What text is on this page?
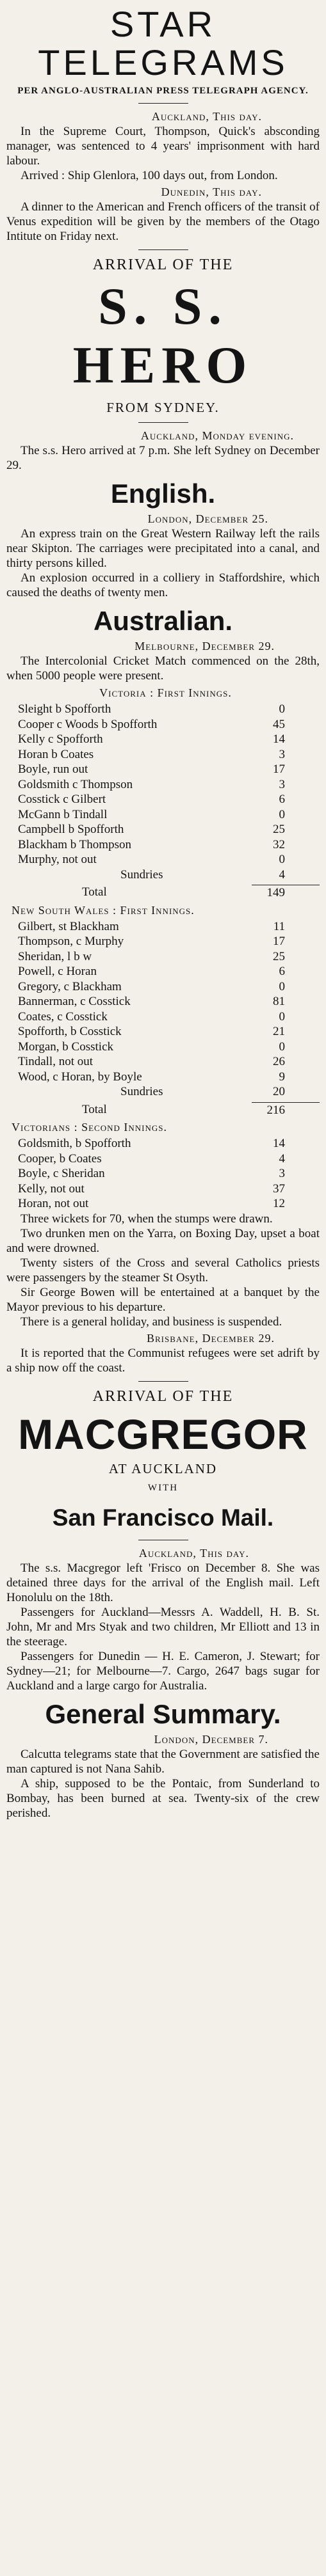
STAR TELEGRAMS

PER ANGLO-AUSTRALIAN PRESS TELEGRAPH AGENCY.

Auckland, This day.

In the Supreme Court, Thompson, Quick's absconding manager, was sentenced to 4 years' imprisonment with hard labour.

Arrived : Ship Glenlora, 100 days out, from London.

Dunedin, This day.

A dinner to the American and French officers of the transit of Venus expedition will be given by the members of the Otago Intitute on Friday next.

ARRIVAL OF THE

S. S. HERO

FROM SYDNEY.

Auckland, Monday evening.

The s.s. Hero arrived at 7 p.m. She left Sydney on December 29.

English.

London, December 25.

An express train on the Great Western Railway left the rails near Skipton. The carriages were precipitated into a canal, and thirty persons killed.

An explosion occurred in a colliery in Staffordshire, which caused the deaths of twenty men.

Australian.

Melbourne, December 29.

The Intercolonial Cricket Match commenced on the 28th, when 5000 people were present.

Victoria : First Innings.

Sleight b Spofforth	0
Cooper c Woods b Spofforth	45
Kelly c Spofforth	14
Horan b Coates	3
Boyle, run out	17
Goldsmith c Thompson	3
Cosstick c Gilbert	6
McGann b Tindall	0
Campbell b Spofforth	25
Blackham b Thompson	32
Murphy, not out	0
Sundries	4
Total	149

New South Wales : First Innings.

Gilbert, st Blackham	11
Thompson, c Murphy	17
Sheridan, l b w	25
Powell, c Horan	6
Gregory, c Blackham	0
Bannerman, c Cosstick	81
Coates, c Cosstick	0
Spofforth, b Cosstick	21
Morgan, b Cosstick	0
Tindall, not out	26
Wood, c Horan, by Boyle	9
Sundries	20
Total	216

Victorians : Second Innings.

Goldsmith, b Spofforth	14
Cooper, b Coates	4
Boyle, c Sheridan	3
Kelly, not out	37
Horan, not out	12

Three wickets for 70, when the stumps were drawn.

Two drunken men on the Yarra, on Boxing Day, upset a boat and were drowned.

Twenty sisters of the Cross and several Catholics priests were passengers by the steamer St Osyth.

Sir George Bowen will be entertained at a banquet by the Mayor previous to his departure.

There is a general holiday, and business is suspended.

Brisbane, December 29.

It is reported that the Communist refugees were set adrift by a ship now off the coast.

ARRIVAL OF THE

MACGREGOR

AT AUCKLAND

WITH

San Francisco Mail.

Auckland, This day.

The s.s. Macgregor left 'Frisco on December 8. She was detained three days for the arrival of the English mail. Left Honolulu on the 18th.

Passengers for Auckland—Messrs A. Waddell, H. B. St. John, Mr and Mrs Styak and two children, Mr Elliott and 13 in the steerage.

Passengers for Dunedin — H. E. Cameron, J. Stewart; for Sydney—21; for Melbourne—7. Cargo, 2647 bags sugar for Auckland and a large cargo for Australia.

General Summary.

London, December 7.

Calcutta telegrams state that the Government are satisfied the man captured is not Nana Sahib.

A ship, supposed to be the Pontaic, from Sunderland to Bombay, has been burned at sea. Twenty-six of the crew perished.
